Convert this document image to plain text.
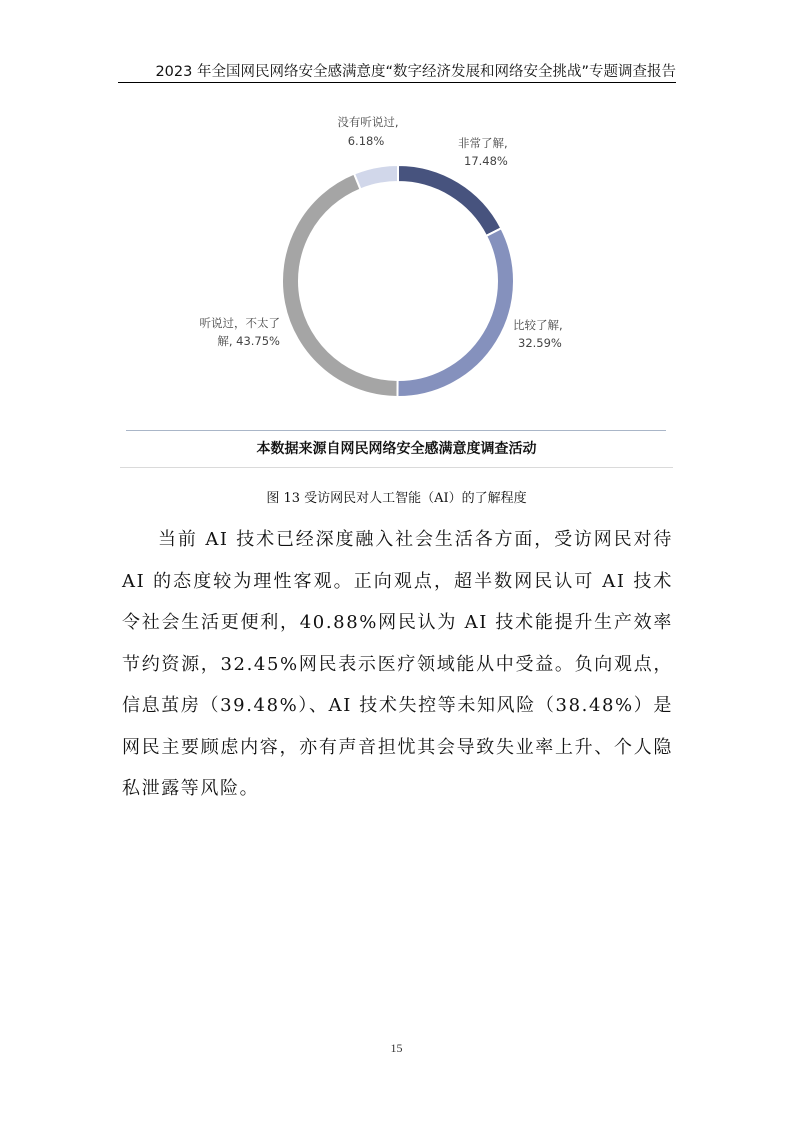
2023 年全国网民网络安全感满意度“数字经济发展和网络安全挑战”专题调查报告
非常了解,
17.48%
比较了解,
32.59%
听说过，不太了
解, 43.75%
没有听说过,
6.18%
本数据来源自网民网络安全感满意度调查活动
图 13 受访网民对人工智能（AI）的了解程度

当前 AI 技术已经深度融入社会生活各方面，受访网民对待 AI 的态度较为理性客观。正向观点，超半数网民认可 AI 技术令社会生活更便利，40.88%网民认为 AI 技术能提升生产效率节约资源，32.45%网民表示医疗领域能从中受益。负向观点，信息茧房（39.48%）、AI 技术失控等未知风险（38.48%）是网民主要顾虑内容，亦有声音担忧其会导致失业率上升、个人隐私泄露等风险。

15
